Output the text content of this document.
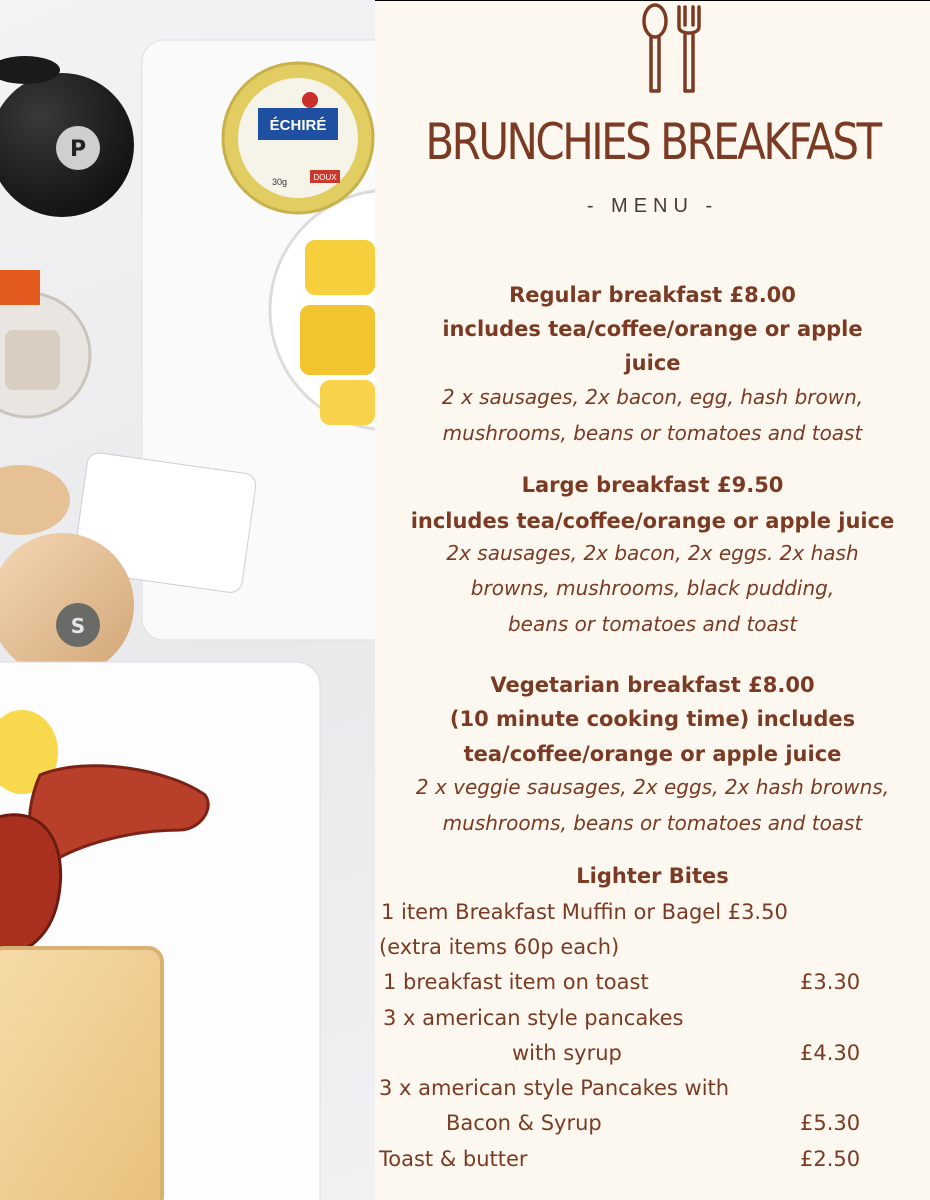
ÉCHIRÉ
30g	DOUX
P
S
BRUNCHIES BREAKFAST
- MENU -
Regular breakfast £8.00
includes tea/coffee/orange or apple
juice
2 x sausages, 2x bacon, egg, hash brown,
mushrooms, beans or tomatoes and toast
Large breakfast £9.50
includes tea/coffee/orange or apple juice
2x sausages, 2x bacon, 2x eggs. 2x hash
browns, mushrooms, black pudding,
beans or tomatoes and toast
Vegetarian breakfast £8.00
(10 minute cooking time) includes
tea/coffee/orange or apple juice
2 x veggie sausages, 2x eggs, 2x hash browns,
mushrooms, beans or tomatoes and toast
Lighter Bites
1 item Breakfast Muffin or Bagel £3.50
(extra items 60p each)
1 breakfast item on toast	£3.30
3 x american style pancakes
with syrup	£4.30
3 x american style Pancakes with
Bacon & Syrup	£5.30
Toast & butter	£2.50
